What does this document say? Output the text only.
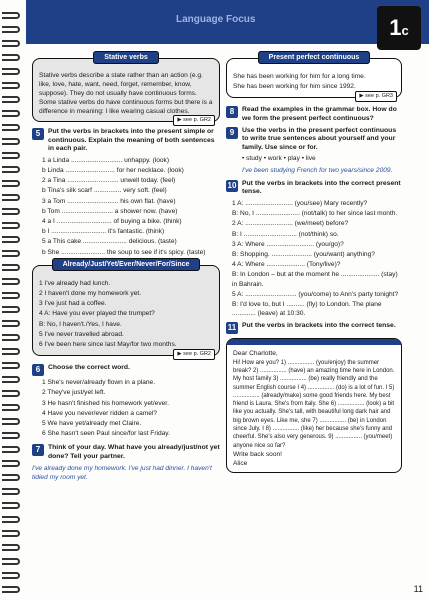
Language Focus	1c
Stative verbs
Stative verbs describe a state rather than an action (e.g. like, love, hate, want, need, forget, remember, know, suppose). They do not usually have continuous forms. Some stative verbs do have continuous forms but there is a difference in meaning: I like wearing casual clothes.
▶ see p. GR2
5	Put the verbs in brackets into the present simple or continuous. Explain the meaning of both sentences in each pair.
1 a Linda ............................ unhappy. (look)
b Linda ........................... for her necklace. (look)
2 a Tina ............................ unwell today. (feel)
b Tina's silk scarf ............... very soft. (feel)
3 a Tom ............................ his own flat. (have)
b Tom ............................ a shower now. (have)
4 a I .............................. of buying a bike. (think)
b I .............................. it's fantastic. (think)
5 a This cake ........................ delicious. (taste)
b She ........................ the soup to see if it's spicy. (taste)
Already/Just/Yet/Ever/Never/For/Since
1 I've already had lunch.
2 I haven't done my homework yet.
3 I've just had a coffee.
4 A: Have you ever played the trumpet?
B: No, I haven't./Yes, I have.
5 I've never travelled abroad.
6 I've been here since last May/for two months.
▶ see p. GR2
6	Choose the correct word.
1 She's never/already flown in a plane.
2 They've just/yet left.
3 He hasn't finished his homework yet/ever.
4 Have you never/ever ridden a camel?
5 We have yet/already met Claire.
6 She hasn't seen Paul since/for last Friday.
7	Think of your day. What have you already/just/not yet done? Tell your partner.
I've already done my homework. I've just had dinner. I haven't tidied my room yet.
Present perfect continuous
She has been working for him for a long time.
She has been working for him since 1992.
▶ see p. GR3
8	Read the examples in the grammar box. How do we form the present perfect continuous?
9	Use the verbs in the present perfect continuous to write true sentences about yourself and your family. Use since or for.
• study • work • play • live
I've been studying French for two years/since 2009.
10 Put the verbs in brackets into the correct present tense.
1 A: .......................... (you/see) Mary recently?
B: No, I ........................ (not/talk) to her since last month.
2 A: .......................... (we/meet) before?
B: I ............................. (not/think) so.
3 A: Where .......................... (you/go)?
B: Shopping. ...................... (you/want) anything?
4 A: Where ..................... (Tony/live)?
B: In London – but at the moment he ..................... (stay) in Bahrain.
5 A: ............................ (you/come) to Ann's party tonight?
B: I'd love to, but I .......... (fly) to London. The plane ............. (leave) at 10:30.
11 Put the verbs in brackets into the correct tense.
Dear Charlotte,
Hi! How are you? 1) ................ (you/enjoy) the summer break? 2) ................ (have) an amazing time here in London. My host family 3) ................ (be) really friendly and the summer English course I 4) ................ (do) is a lot of fun. I 5) ................ (already/make) some good friends here. My best friend is Laura. She's from Italy. She 6) ................ (look) a bit like you actually. She's tall, with beautiful long dark hair and big brown eyes. Like me, she 7) ................ (be) in London since July. I 8) ................ (like) her because she's funny and cheerful. She's also very generous. 9) ................ (you/meet) anyone nice so far?
Write back soon!
Alice
11
